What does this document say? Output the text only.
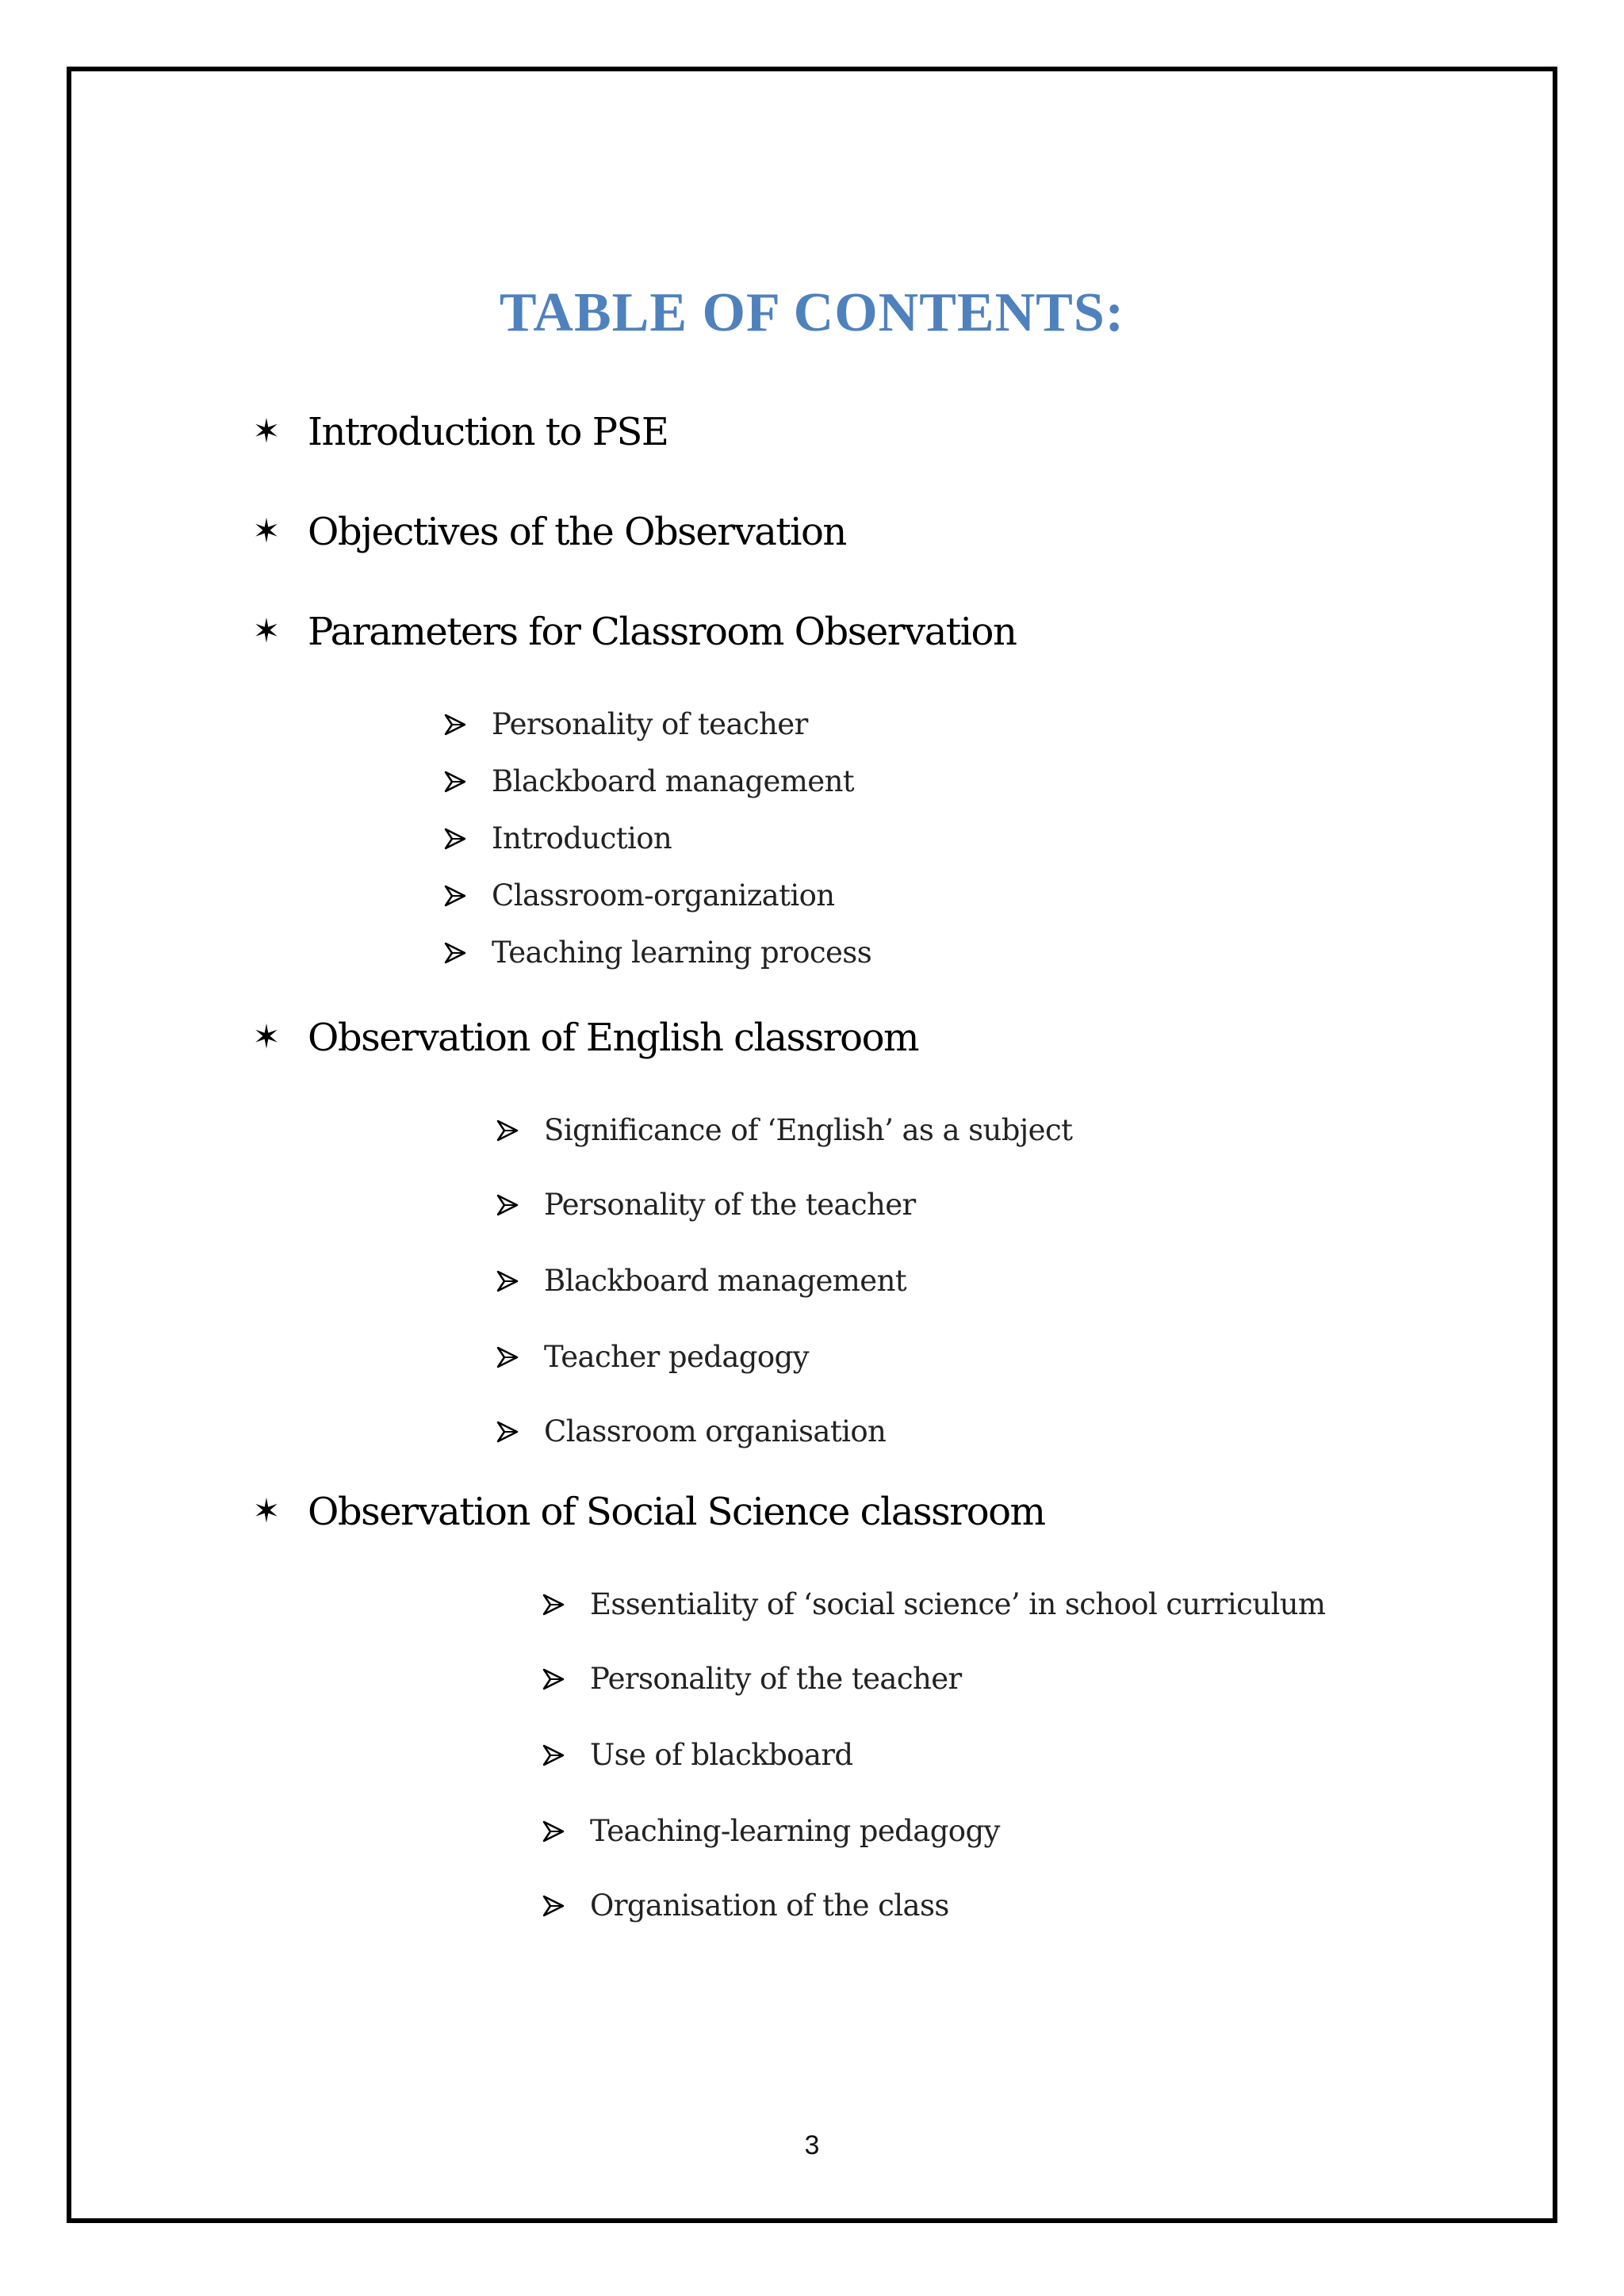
TABLE OF CONTENTS:
✶ Introduction to PSE
✶ Objectives of the Observation
✶ Parameters for Classroom Observation
Personality of teacher
Blackboard management
Introduction
Classroom-organization
Teaching learning process
✶ Observation of English classroom
Significance of ‘English’ as a subject
Personality of the teacher
Blackboard management
Teacher pedagogy
Classroom organisation
✶ Observation of Social Science classroom
Essentiality of ‘social science’ in school curriculum
Personality of the teacher
Use of blackboard
Teaching-learning pedagogy
Organisation of the class
3
